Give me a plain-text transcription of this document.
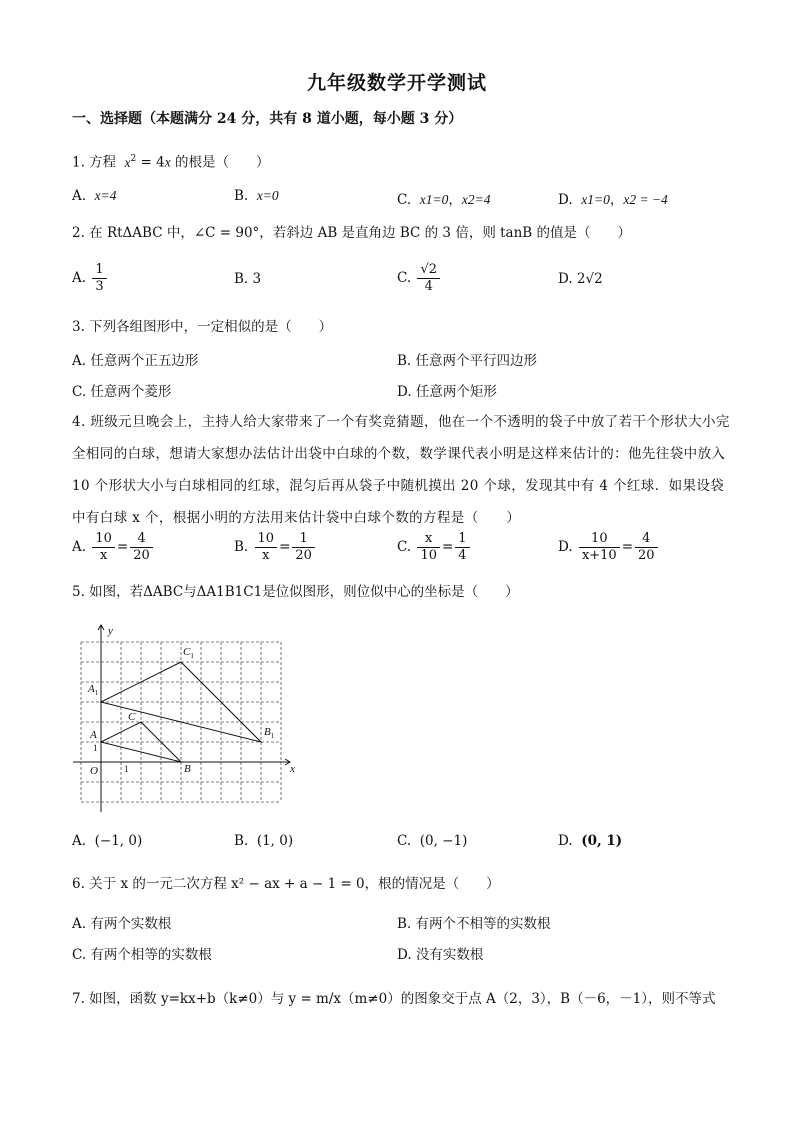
九年级数学开学测试
一、选择题（本题满分 24 分，共有 8 道小题，每小题 3 分）
1. 方程 $x^2 = 4x$ 的根是（　　）
A. x=4	B. x=0	C. x1=0，x2=4	D. x1=0，x2 = −4
2. 在 RtΔABC 中，∠C = 90°，若斜边 AB 是直角边 BC 的 3 倍，则 tanB 的值是（　　）
A. $\frac{1}{3}$	B. 3	C. $\frac{√2}{4}$	D. 2√2
3. 下列各组图形中，一定相似的是（　　）
A. 任意两个正五边形	B. 任意两个平行四边形
C. 任意两个菱形	D. 任意两个矩形
4. 班级元旦晚会上，主持人给大家带来了一个有奖竞猜题，他在一个不透明的袋子中放了若干个形状大小完全相同的白球，想请大家想办法估计出袋中白球的个数，数学课代表小明是这样来估计的：他先往袋中放入 10 个形状大小与白球相同的红球，混匀后再从袋子中随机摸出 20 个球，发现其中有 4 个红球．如果设袋中有白球 x 个，根据小明的方法用来估计袋中白球个数的方程是（　　）
A. $\frac{10}{x} = \frac{4}{20}$	B. $\frac{10}{x} = \frac{1}{20}$	C. $\frac{x}{10} = \frac{1}{4}$	D. $\frac{10}{x+10} = \frac{4}{20}$
5. 如图，若ΔABC与ΔA1B1C1是位似图形，则位似中心的坐标是（　　）
y
x
O
A
B
C
$A_1$
$B_1$
$C_1$
1
1
A. (−1, 0)	B. (1, 0)	C. (0, −1)	D. (0, 1)
6. 关于 x 的一元二次方程 x² − ax + a − 1 = 0，根的情况是（　　）
A. 有两个实数根	B. 有两个不相等的实数根
C. 有两个相等的实数根	D. 没有实数根
7. 如图，函数 y=kx+b（k≠0）与 y = m/x（m≠0）的图象交于点 A（2，3），B（－6，－1），则不等式
